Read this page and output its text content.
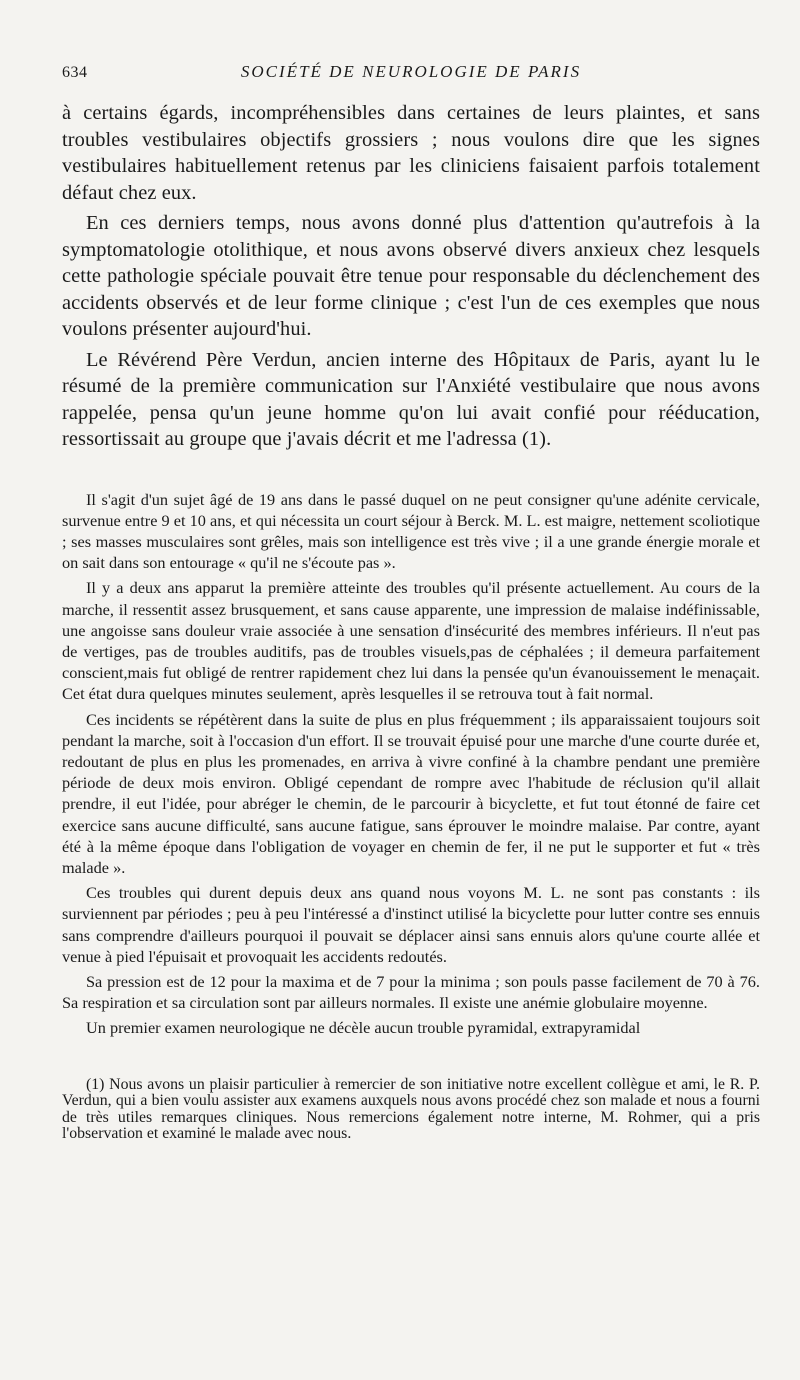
634	SOCIÉTÉ DE NEUROLOGIE DE PARIS

à certains égards, incompréhensibles dans certaines de leurs plaintes, et sans troubles vestibulaires objectifs grossiers ; nous voulons dire que les signes vestibulaires habituellement retenus par les cliniciens faisaient parfois totalement défaut chez eux.

En ces derniers temps, nous avons donné plus d'attention qu'autrefois à la symptomatologie otolithique, et nous avons observé divers anxieux chez lesquels cette pathologie spéciale pouvait être tenue pour responsable du déclenchement des accidents observés et de leur forme clinique ; c'est l'un de ces exemples que nous voulons présenter aujourd'hui.

Le Révérend Père Verdun, ancien interne des Hôpitaux de Paris, ayant lu le résumé de la première communication sur l'Anxiété vestibulaire que nous avons rappelée, pensa qu'un jeune homme qu'on lui avait confié pour rééducation, ressortissait au groupe que j'avais décrit et me l'adressa (1).

Il s'agit d'un sujet âgé de 19 ans dans le passé duquel on ne peut consigner qu'une adénite cervicale, survenue entre 9 et 10 ans, et qui nécessita un court séjour à Berck. M. L. est maigre, nettement scoliotique ; ses masses musculaires sont grêles, mais son intelligence est très vive ; il a une grande énergie morale et on sait dans son entourage « qu'il ne s'écoute pas ».

Il y a deux ans apparut la première atteinte des troubles qu'il présente actuellement. Au cours de la marche, il ressentit assez brusquement, et sans cause apparente, une impression de malaise indéfinissable, une angoisse sans douleur vraie associée à une sensation d'insécurité des membres inférieurs. Il n'eut pas de vertiges, pas de troubles auditifs, pas de troubles visuels,pas de céphalées ; il demeura parfaitement conscient,mais fut obligé de rentrer rapidement chez lui dans la pensée qu'un évanouissement le menaçait. Cet état dura quelques minutes seulement, après lesquelles il se retrouva tout à fait normal.

Ces incidents se répétèrent dans la suite de plus en plus fréquemment ; ils apparaissaient toujours soit pendant la marche, soit à l'occasion d'un effort. Il se trouvait épuisé pour une marche d'une courte durée et, redoutant de plus en plus les promenades, en arriva à vivre confiné à la chambre pendant une première période de deux mois environ. Obligé cependant de rompre avec l'habitude de réclusion qu'il allait prendre, il eut l'idée, pour abréger le chemin, de le parcourir à bicyclette, et fut tout étonné de faire cet exercice sans aucune difficulté, sans aucune fatigue, sans éprouver le moindre malaise. Par contre, ayant été à la même époque dans l'obligation de voyager en chemin de fer, il ne put le supporter et fut « très malade ».

Ces troubles qui durent depuis deux ans quand nous voyons M. L. ne sont pas constants : ils surviennent par périodes ; peu à peu l'intéressé a d'instinct utilisé la bicyclette pour lutter contre ses ennuis sans comprendre d'ailleurs pourquoi il pouvait se déplacer ainsi sans ennuis alors qu'une courte allée et venue à pied l'épuisait et provoquait les accidents redoutés.

Sa pression est de 12 pour la maxima et de 7 pour la minima ; son pouls passe facilement de 70 à 76. Sa respiration et sa circulation sont par ailleurs normales. Il existe une anémie globulaire moyenne.

Un premier examen neurologique ne décèle aucun trouble pyramidal, extrapyramidal

(1) Nous avons un plaisir particulier à remercier de son initiative notre excellent collègue et ami, le R. P. Verdun, qui a bien voulu assister aux examens auxquels nous avons procédé chez son malade et nous a fourni de très utiles remarques cliniques. Nous remercions également notre interne, M. Rohmer, qui a pris l'observation et examiné le malade avec nous.
